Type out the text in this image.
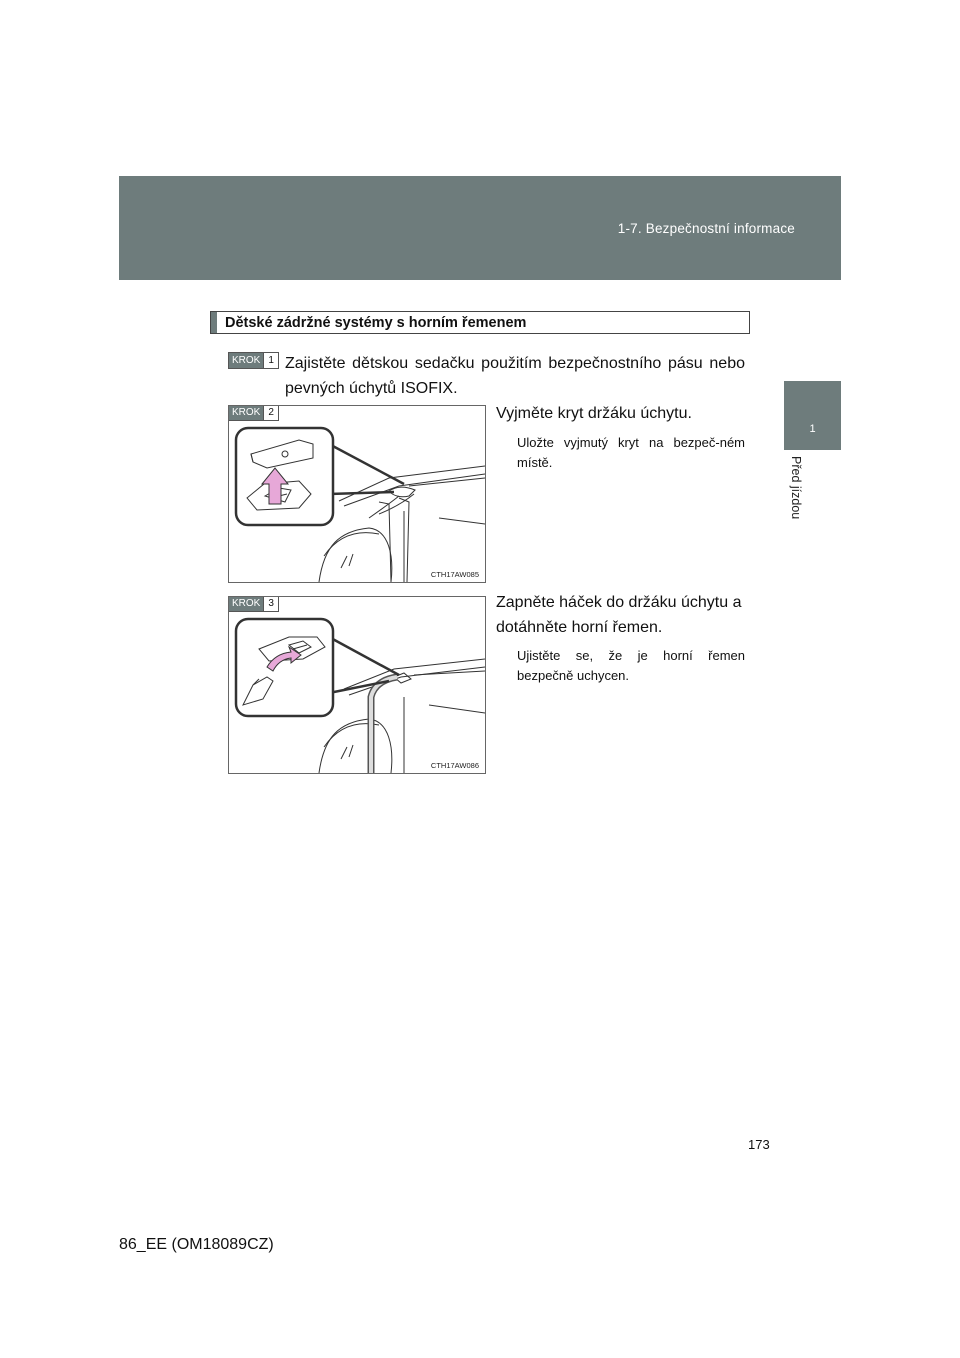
1-7. Bezpečnostní informace
1
Před jízdou
Dětské zádržné systémy s horním řemenem
KROK 1 Zajistěte dětskou sedačku použitím bezpečnostního pásu nebo pevných úchytů ISOFIX.
KROK 2
CTH17AW085
Vyjměte kryt držáku úchytu.
Uložte vyjmutý kryt na bezpeč-ném místě.
KROK 3
CTH17AW086
Zapněte háček do držáku úchytu a dotáhněte horní řemen.
Ujistěte se, že je horní řemen bezpečně uchycen.
173
86_EE (OM18089CZ)
